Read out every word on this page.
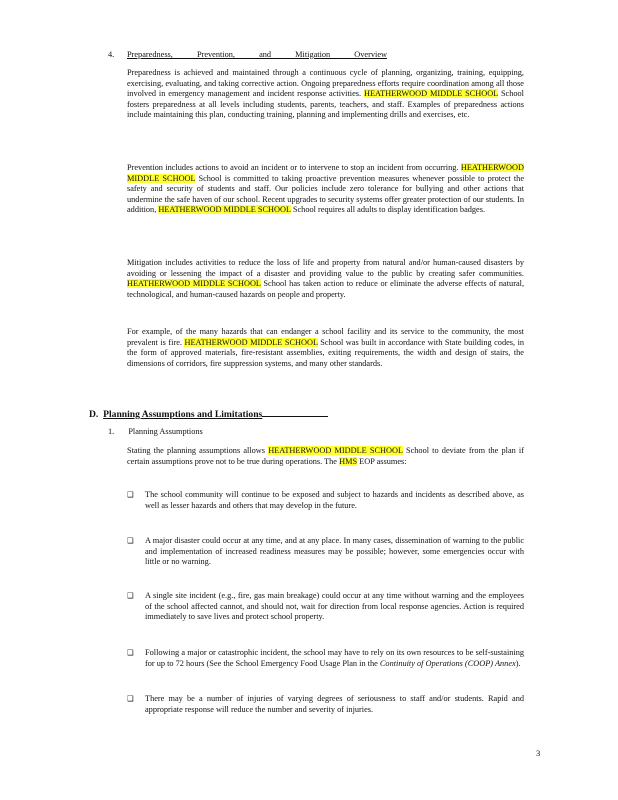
4.	Preparedness, Prevention, and Mitigation Overview

Preparedness is achieved and maintained through a continuous cycle of planning, organizing, training, equipping, exercising, evaluating, and taking corrective action. Ongoing preparedness efforts require coordination among all those involved in emergency management and incident response activities. HEATHERWOOD MIDDLE SCHOOL School fosters preparedness at all levels including students, parents, teachers, and staff. Examples of preparedness actions include maintaining this plan, conducting training, planning and implementing drills and exercises, etc.

Prevention includes actions to avoid an incident or to intervene to stop an incident from occurring. HEATHERWOOD MIDDLE SCHOOL School is committed to taking proactive prevention measures whenever possible to protect the safety and security of students and staff. Our policies include zero tolerance for bullying and other actions that undermine the safe haven of our school. Recent upgrades to security systems offer greater protection of our students. In addition, HEATHERWOOD MIDDLE SCHOOL School requires all adults to display identification badges.

Mitigation includes activities to reduce the loss of life and property from natural and/or human-caused disasters by avoiding or lessening the impact of a disaster and providing value to the public by creating safer communities. HEATHERWOOD MIDDLE SCHOOL School has taken action to reduce or eliminate the adverse effects of natural, technological, and human-caused hazards on people and property.

For example, of the many hazards that can endanger a school facility and its service to the community, the most prevalent is fire. HEATHERWOOD MIDDLE SCHOOL School was built in accordance with State building codes, in the form of approved materials, fire-resistant assemblies, exiting requirements, the width and design of stairs, the dimensions of corridors, fire suppression systems, and many other standards.

D. Planning Assumptions and Limitations
1. Planning Assumptions

Stating the planning assumptions allows HEATHERWOOD MIDDLE SCHOOL School to deviate from the plan if certain assumptions prove not to be true during operations. The HMS EOP assumes:

❑	The school community will continue to be exposed and subject to hazards and incidents as described above, as well as lesser hazards and others that may develop in the future.

❑	A major disaster could occur at any time, and at any place. In many cases, dissemination of warning to the public and implementation of increased readiness measures may be possible; however, some emergencies occur with little or no warning.

❑	A single site incident (e.g., fire, gas main breakage) could occur at any time without warning and the employees of the school affected cannot, and should not, wait for direction from local response agencies. Action is required immediately to save lives and protect school property.

❑	Following a major or catastrophic incident, the school may have to rely on its own resources to be self-sustaining for up to 72 hours (See the School Emergency Food Usage Plan in the Continuity of Operations (COOP) Annex).

❑	There may be a number of injuries of varying degrees of seriousness to staff and/or students. Rapid and appropriate response will reduce the number and severity of injuries.

3
